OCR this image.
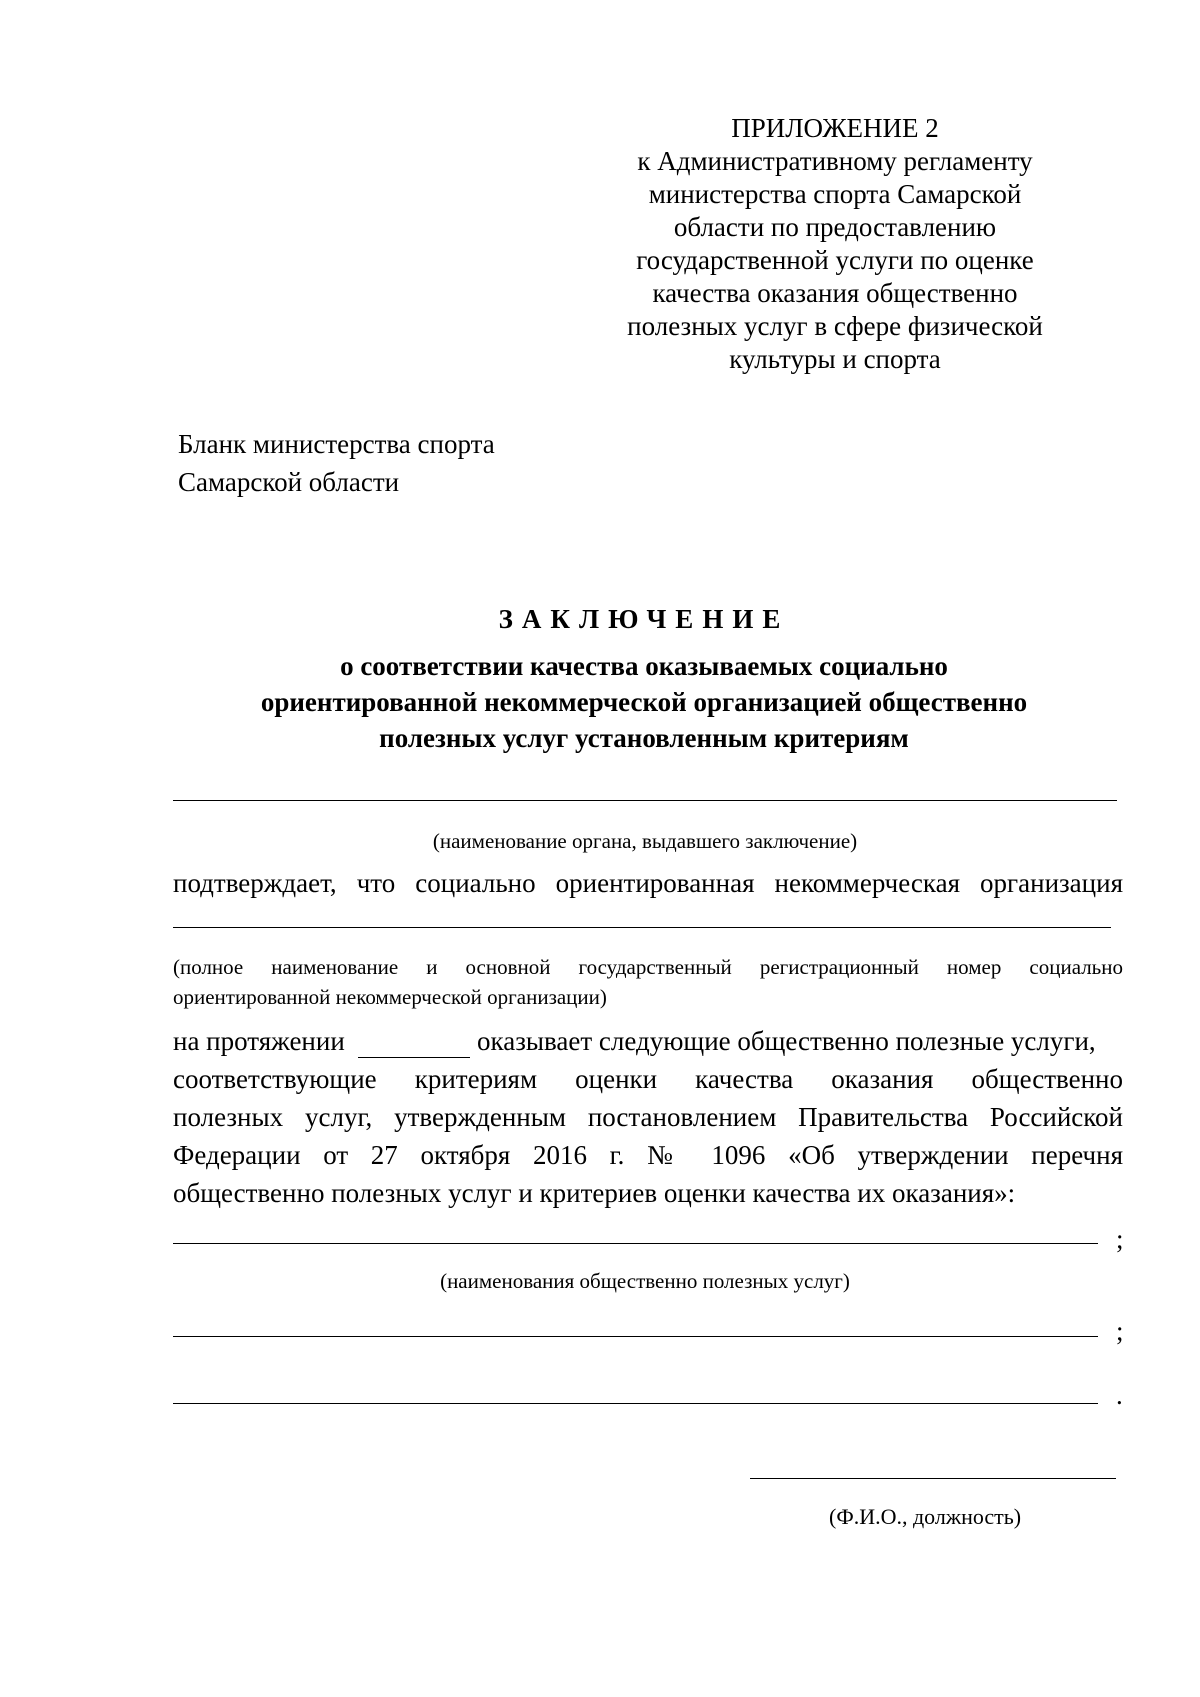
ПРИЛОЖЕНИЕ 2
к Административному регламенту
министерства спорта Самарской
области по предоставлению
государственной услуги по оценке
качества оказания общественно
полезных услуг в сфере физической
культуры и спорта
Бланк министерства спорта
Самарской области
ЗАКЛЮЧЕНИЕ
о соответствии качества оказываемых социально
ориентированной некоммерческой организацией общественно
полезных услуг установленным критериям
(наименование органа, выдавшего заключение)
подтверждает, что социально ориентированная некоммерческая организация
(полное наименование и основной государственный регистрационный номер социально
ориентированной некоммерческой организации)
на протяжении	оказывает следующие общественно полезные услуги,
соответствующие критериям оценки качества оказания общественно
полезных услуг, утвержденным постановлением Правительства Российской
Федерации от 27 октября 2016 г. № 1096 «Об утверждении перечня
общественно полезных услуг и критериев оценки качества их оказания»:
;
(наименования общественно полезных услуг)
;
.
(Ф.И.О., должность)
